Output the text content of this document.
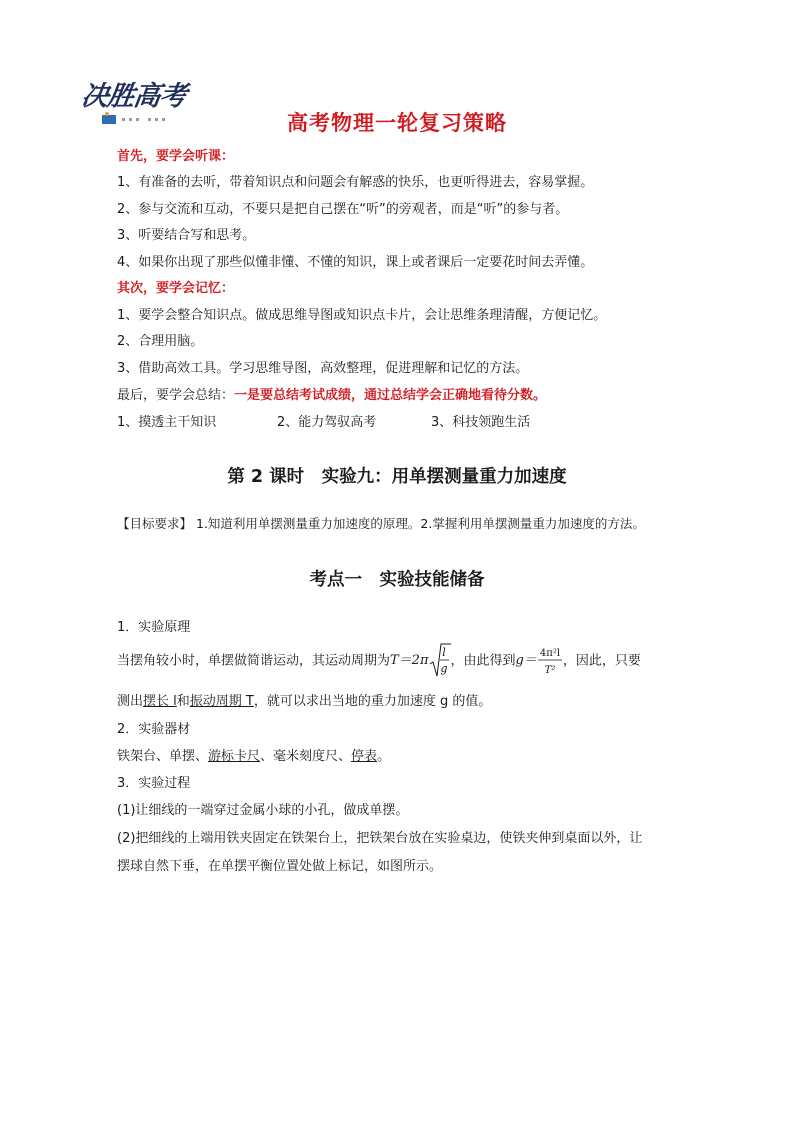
决胜高考
高考物理一轮复习策略
首先，要学会听课：
1、有准备的去听，带着知识点和问题会有解惑的快乐，也更听得进去，容易掌握。
2、参与交流和互动，不要只是把自己摆在“听”的旁观者，而是“听”的参与者。
3、听要结合写和思考。
4、如果你出现了那些似懂非懂、不懂的知识，课上或者课后一定要花时间去弄懂。
其次，要学会记忆：
1、要学会整合知识点。做成思维导图或知识点卡片，会让思维条理清醒，方便记忆。
2、合理用脑。
3、借助高效工具。学习思维导图，高效整理，促进理解和记忆的方法。
最后，要学会总结：一是要总结考试成绩，通过总结学会正确地看待分数。
1、摸透主干知识	2、能力驾驭高考	3、科技领跑生活
第 2 课时　实验九：用单摆测量重力加速度
【目标要求】 1.知道利用单摆测量重力加速度的原理。2.掌握利用单摆测量重力加速度的方法。
考点一　实验技能储备
1．实验原理
当摆角较小时，单摆做简谐运动，其运动周期为T＝2π
l
g ，由此得到g＝ 4π²l
T²
，因此，只要
测出摆长 l和振动周期 T，就可以求出当地的重力加速度 g 的值。
2．实验器材
铁架台、单摆、游标卡尺、毫米刻度尺、停表。
3．实验过程
(1)让细线的一端穿过金属小球的小孔，做成单摆。
(2)把细线的上端用铁夹固定在铁架台上，把铁架台放在实验桌边，使铁夹伸到桌面以外，让
摆球自然下垂，在单摆平衡位置处做上标记，如图所示。
